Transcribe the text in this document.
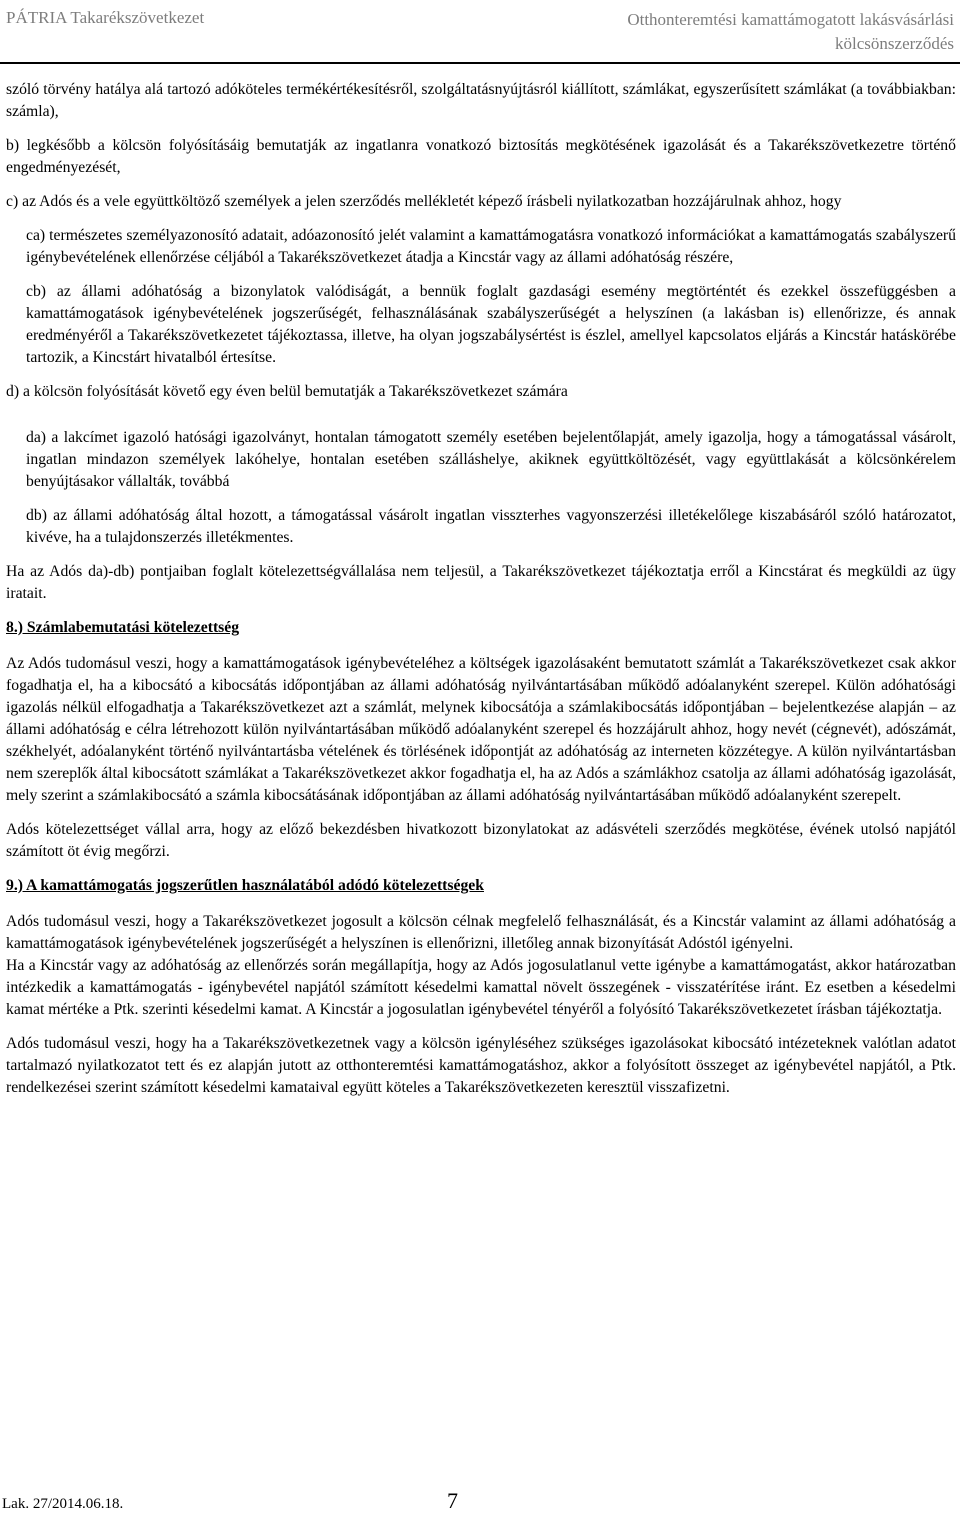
PÁTRIA Takarékszövetkezet	Otthonteremtési kamattámogatott lakásvásárlási kölcsönszerződés

szóló törvény hatálya alá tartozó adóköteles termékértékesítésről, szolgáltatásnyújtásról kiállított, számlákat, egyszerűsített számlákat (a továbbiakban: számla),

b) legkésőbb a kölcsön folyósításáig bemutatják az ingatlanra vonatkozó biztosítás megkötésének igazolását és a Takarékszövetkezetre történő engedményezését,

c) az Adós és a vele együttköltöző személyek a jelen szerződés mellékletét képező írásbeli nyilatkozatban hozzájárulnak ahhoz, hogy

ca) természetes személyazonosító adatait, adóazonosító jelét valamint a kamattámogatásra vonatkozó információkat a kamattámogatás szabályszerű igénybevételének ellenőrzése céljából a Takarékszövetkezet átadja a Kincstár vagy az állami adóhatóság részére,

cb) az állami adóhatóság a bizonylatok valódiságát, a bennük foglalt gazdasági esemény megtörténtét és ezekkel összefüggésben a kamattámogatások igénybevételének jogszerűségét, felhasználásának szabályszerűségét a helyszínen (a lakásban is) ellenőrizze, és annak eredményéről a Takarékszövetkezetet tájékoztassa, illetve, ha olyan jogszabálysértést is észlel, amellyel kapcsolatos eljárás a Kincstár hatáskörébe tartozik, a Kincstárt hivatalból értesítse.

d) a kölcsön folyósítását követő egy éven belül bemutatják a Takarékszövetkezet számára

da) a lakcímet igazoló hatósági igazolványt, hontalan támogatott személy esetében bejelentőlapját, amely igazolja, hogy a támogatással vásárolt, ingatlan mindazon személyek lakóhelye, hontalan esetében szálláshelye, akiknek együttköltözését, vagy együttlakását a kölcsönkérelem benyújtásakor vállalták, továbbá

db) az állami adóhatóság által hozott, a támogatással vásárolt ingatlan visszterhes vagyonszerzési illetékelőlege kiszabásáról szóló határozatot, kivéve, ha a tulajdonszerzés illetékmentes.

Ha az Adós da)-db) pontjaiban foglalt kötelezettségvállalása nem teljesül, a Takarékszövetkezet tájékoztatja erről a Kincstárat és megküldi az ügy iratait.

8.) Számlabemutatási kötelezettség

Az Adós tudomásul veszi, hogy a kamattámogatások igénybevételéhez a költségek igazolásaként bemutatott számlát a Takarékszövetkezet csak akkor fogadhatja el, ha a kibocsátó a kibocsátás időpontjában az állami adóhatóság nyilvántartásában működő adóalanyként szerepel. Külön adóhatósági igazolás nélkül elfogadhatja a Takarékszövetkezet azt a számlát, melynek kibocsátója a számlakibocsátás időpontjában – bejelentkezése alapján – az állami adóhatóság e célra létrehozott külön nyilvántartásában működő adóalanyként szerepel és hozzájárult ahhoz, hogy nevét (cégnevét), adószámát, székhelyét, adóalanyként történő nyilvántartásba vételének és törlésének időpontját az adóhatóság az interneten közzétegye. A külön nyilvántartásban nem szereplők által kibocsátott számlákat a Takarékszövetkezet akkor fogadhatja el, ha az Adós a számlákhoz csatolja az állami adóhatóság igazolását, mely szerint a számlakibocsátó a számla kibocsátásának időpontjában az állami adóhatóság nyilvántartásában működő adóalanyként szerepelt.

Adós kötelezettséget vállal arra, hogy az előző bekezdésben hivatkozott bizonylatokat az adásvételi szerződés megkötése, évének utolsó napjától számított öt évig megőrzi.

9.) A kamattámogatás jogszerűtlen használatából adódó kötelezettségek

Adós tudomásul veszi, hogy a Takarékszövetkezet jogosult a kölcsön célnak megfelelő felhasználását, és a Kincstár valamint az állami adóhatóság a kamattámogatások igénybevételének jogszerűségét a helyszínen is ellenőrizni, illetőleg annak bizonyítását Adóstól igényelni.

Ha a Kincstár vagy az adóhatóság az ellenőrzés során megállapítja, hogy az Adós jogosulatlanul vette igénybe a kamattámogatást, akkor határozatban intézkedik a kamattámogatás - igénybevétel napjától számított késedelmi kamattal növelt összegének - visszatérítése iránt. Ez esetben a késedelmi kamat mértéke a Ptk. szerinti késedelmi kamat. A Kincstár a jogosulatlan igénybevétel tényéről a folyósító Takarékszövetkezetet írásban tájékoztatja.

Adós tudomásul veszi, hogy ha a Takarékszövetkezetnek vagy a kölcsön igényléséhez szükséges igazolásokat kibocsátó intézeteknek valótlan adatot tartalmazó nyilatkozatot tett és ez alapján jutott az otthonteremtési kamattámogatáshoz, akkor a folyósított összeget az igénybevétel napjától, a Ptk. rendelkezései szerint számított késedelmi kamataival együtt köteles a Takarékszövetkezeten keresztül visszafizetni.

Lak. 27/2014.06.18.	7
